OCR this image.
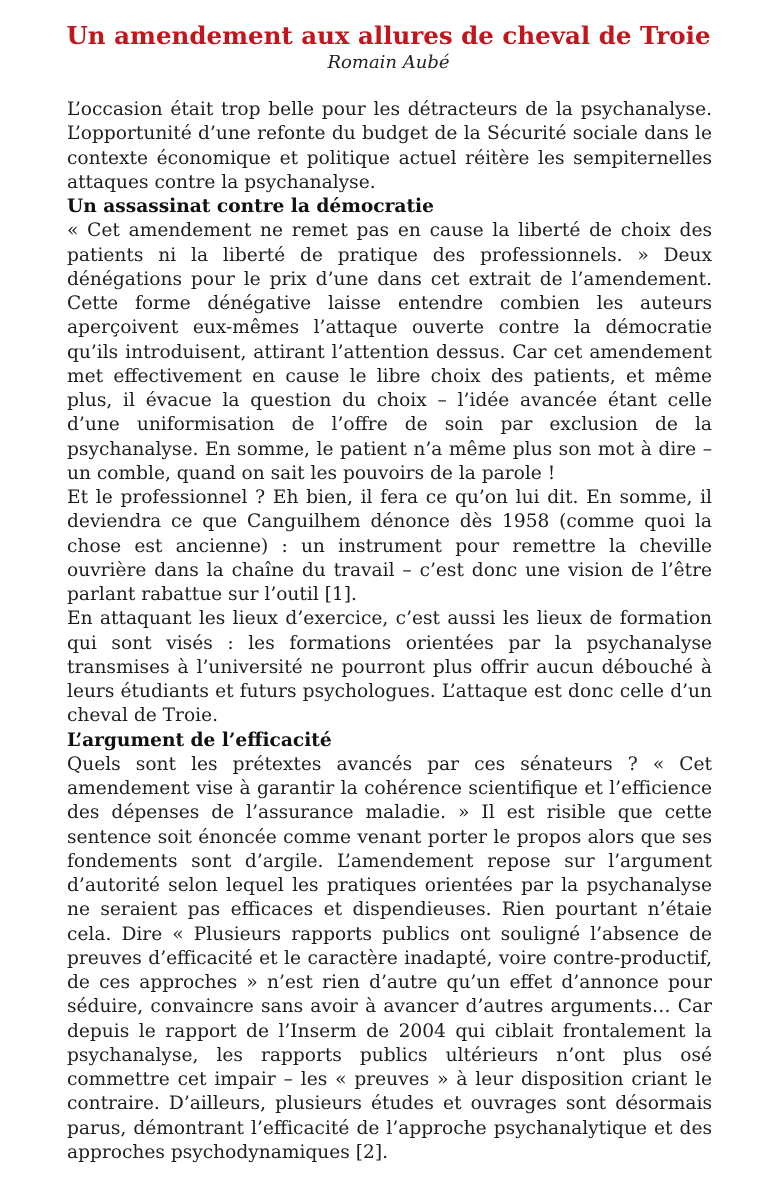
Un amendement aux allures de cheval de Troie
Romain Aubé

L’occasion était trop belle pour les détracteurs de la psychanalyse. L’opportunité d’une refonte du budget de la Sécurité sociale dans le contexte économique et politique actuel réitère les sempiternelles attaques contre la psychanalyse.

Un assassinat contre la démocratie

« Cet amendement ne remet pas en cause la liberté de choix des patients ni la liberté de pratique des professionnels. » Deux dénégations pour le prix d’une dans cet extrait de l’amendement. Cette forme dénégative laisse entendre combien les auteurs aperçoivent eux-mêmes l’attaque ouverte contre la démocratie qu’ils introduisent, attirant l’attention dessus. Car cet amendement met effectivement en cause le libre choix des patients, et même plus, il évacue la question du choix – l’idée avancée étant celle d’une uniformisation de l’offre de soin par exclusion de la psychanalyse. En somme, le patient n’a même plus son mot à dire – un comble, quand on sait les pouvoirs de la parole !

Et le professionnel ? Eh bien, il fera ce qu’on lui dit. En somme, il deviendra ce que Canguilhem dénonce dès 1958 (comme quoi la chose est ancienne) : un instrument pour remettre la cheville ouvrière dans la chaîne du travail – c’est donc une vision de l’être parlant rabattue sur l’outil [1].

En attaquant les lieux d’exercice, c’est aussi les lieux de formation qui sont visés : les formations orientées par la psychanalyse transmises à l’université ne pourront plus offrir aucun débouché à leurs étudiants et futurs psychologues. L’attaque est donc celle d’un cheval de Troie.

L’argument de l’efficacité

Quels sont les prétextes avancés par ces sénateurs ? « Cet amendement vise à garantir la cohérence scientifique et l’efficience des dépenses de l’assurance maladie. » Il est risible que cette sentence soit énoncée comme venant porter le propos alors que ses fondements sont d’argile. L’amendement repose sur l’argument d’autorité selon lequel les pratiques orientées par la psychanalyse ne seraient pas efficaces et dispendieuses. Rien pourtant n’étaie cela. Dire « Plusieurs rapports publics ont souligné l’absence de preuves d’efficacité et le caractère inadapté, voire contre-productif, de ces approches » n’est rien d’autre qu’un effet d’annonce pour séduire, convaincre sans avoir à avancer d’autres arguments… Car depuis le rapport de l’Inserm de 2004 qui ciblait frontalement la psychanalyse, les rapports publics ultérieurs n’ont plus osé commettre cet impair – les « preuves » à leur disposition criant le contraire. D’ailleurs, plusieurs études et ouvrages sont désormais parus, démontrant l’efficacité de l’approche psychanalytique et des approches psychodynamiques [2].
